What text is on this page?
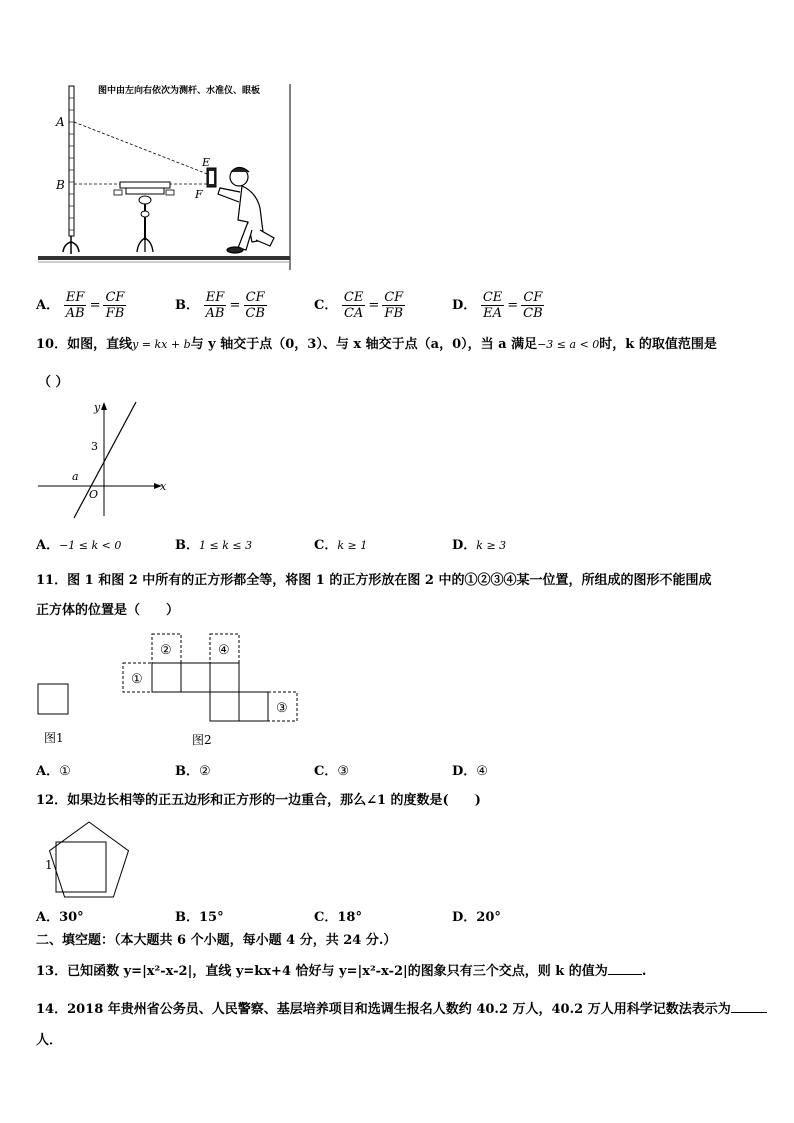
图中由左向右依次为测杆、水准仪、眼板
A
B
E
F
A． $\frac{EF}{AB} = \frac{CF}{FB}$	B． $\frac{EF}{AB} = \frac{CF}{CB}$	C． $\frac{CE}{CA} = \frac{CF}{FB}$	D． $\frac{CE}{EA} = \frac{CF}{CB}$
10．如图，直线y = kx + b与 y 轴交于点（0，3）、与 x 轴交于点（a，0），当 a 满足−3 ≤ a < 0时，k 的取值范围是
（ ）
y
x
3
a
O
A．−1 ≤ k < 0	B．1 ≤ k ≤ 3	C．k ≥ 1	D．k ≥ 3
11．图 1 和图 2 中所有的正方形都全等，将图 1 的正方形放在图 2 中的①②③④某一位置，所组成的图形不能围成
正方体的位置是（　　）
图1
①
②	④
③
图2
A．①	B．②	C．③	D．④
12．如果边长相等的正五边形和正方形的一边重合，那么∠1 的度数是(　　)
1
A．30°	B．15°	C．18°	D．20°
二、填空题：（本大题共 6 个小题，每小题 4 分，共 24 分.）
13．已知函数 y=|x²-x-2|，直线 y=kx+4 恰好与 y=|x²-x-2|的图象只有三个交点，则 k 的值为	.
14．2018 年贵州省公务员、人民警察、基层培养项目和选调生报名人数约 40.2 万人，40.2 万人用科学记数法表示为
人．
